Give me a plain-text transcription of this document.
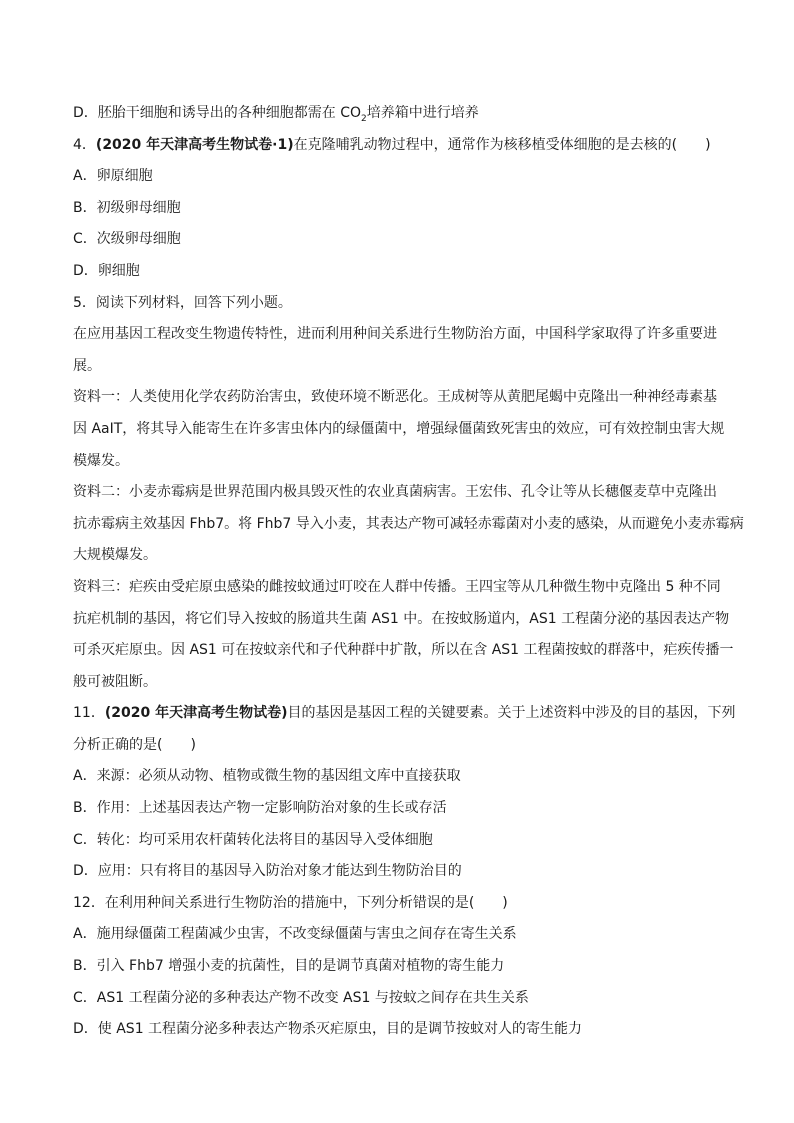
D．胚胎干细胞和诱导出的各种细胞都需在 $CO_2$培养箱中进行培养
4．(2020 年天津高考生物试卷·1)在克隆哺乳动物过程中，通常作为核移植受体细胞的是去核的(　　)
A．卵原细胞
B．初级卵母细胞
C．次级卵母细胞
D．卵细胞
5．阅读下列材料，回答下列小题。
在应用基因工程改变生物遗传特性，进而利用种间关系进行生物防治方面，中国科学家取得了许多重要进
展。
资料一：人类使用化学农药防治害虫，致使环境不断恶化。王成树等从黄肥尾蝎中克隆出一种神经毒素基
因 AaIT，将其导入能寄生在许多害虫体内的绿僵菌中，增强绿僵菌致死害虫的效应，可有效控制虫害大规
模爆发。
资料二：小麦赤霉病是世界范围内极具毁灭性的农业真菌病害。王宏伟、孔令让等从长穗偃麦草中克隆出
抗赤霉病主效基因 Fhb7。将 Fhb7 导入小麦，其表达产物可减轻赤霉菌对小麦的感染，从而避免小麦赤霉病
大规模爆发。
资料三：疟疾由受疟原虫感染的雌按蚊通过叮咬在人群中传播。王四宝等从几种微生物中克隆出 5 种不同
抗疟机制的基因，将它们导入按蚊的肠道共生菌 AS1 中。在按蚊肠道内，AS1 工程菌分泌的基因表达产物
可杀灭疟原虫。因 AS1 可在按蚊亲代和子代种群中扩散，所以在含 AS1 工程菌按蚊的群落中，疟疾传播一
般可被阻断。
11．(2020 年天津高考生物试卷)目的基因是基因工程的关键要素。关于上述资料中涉及的目的基因，下列
分析正确的是(　　)
A．来源：必须从动物、植物或微生物的基因组文库中直接获取
B．作用：上述基因表达产物一定影响防治对象的生长或存活
C．转化：均可采用农杆菌转化法将目的基因导入受体细胞
D．应用：只有将目的基因导入防治对象才能达到生物防治目的
12．在利用种间关系进行生物防治的措施中，下列分析错误的是(　　)
A．施用绿僵菌工程菌减少虫害，不改变绿僵菌与害虫之间存在寄生关系
B．引入 Fhb7 增强小麦的抗菌性，目的是调节真菌对植物的寄生能力
C．AS1 工程菌分泌的多种表达产物不改变 AS1 与按蚊之间存在共生关系
D．使 AS1 工程菌分泌多种表达产物杀灭疟原虫，目的是调节按蚊对人的寄生能力
